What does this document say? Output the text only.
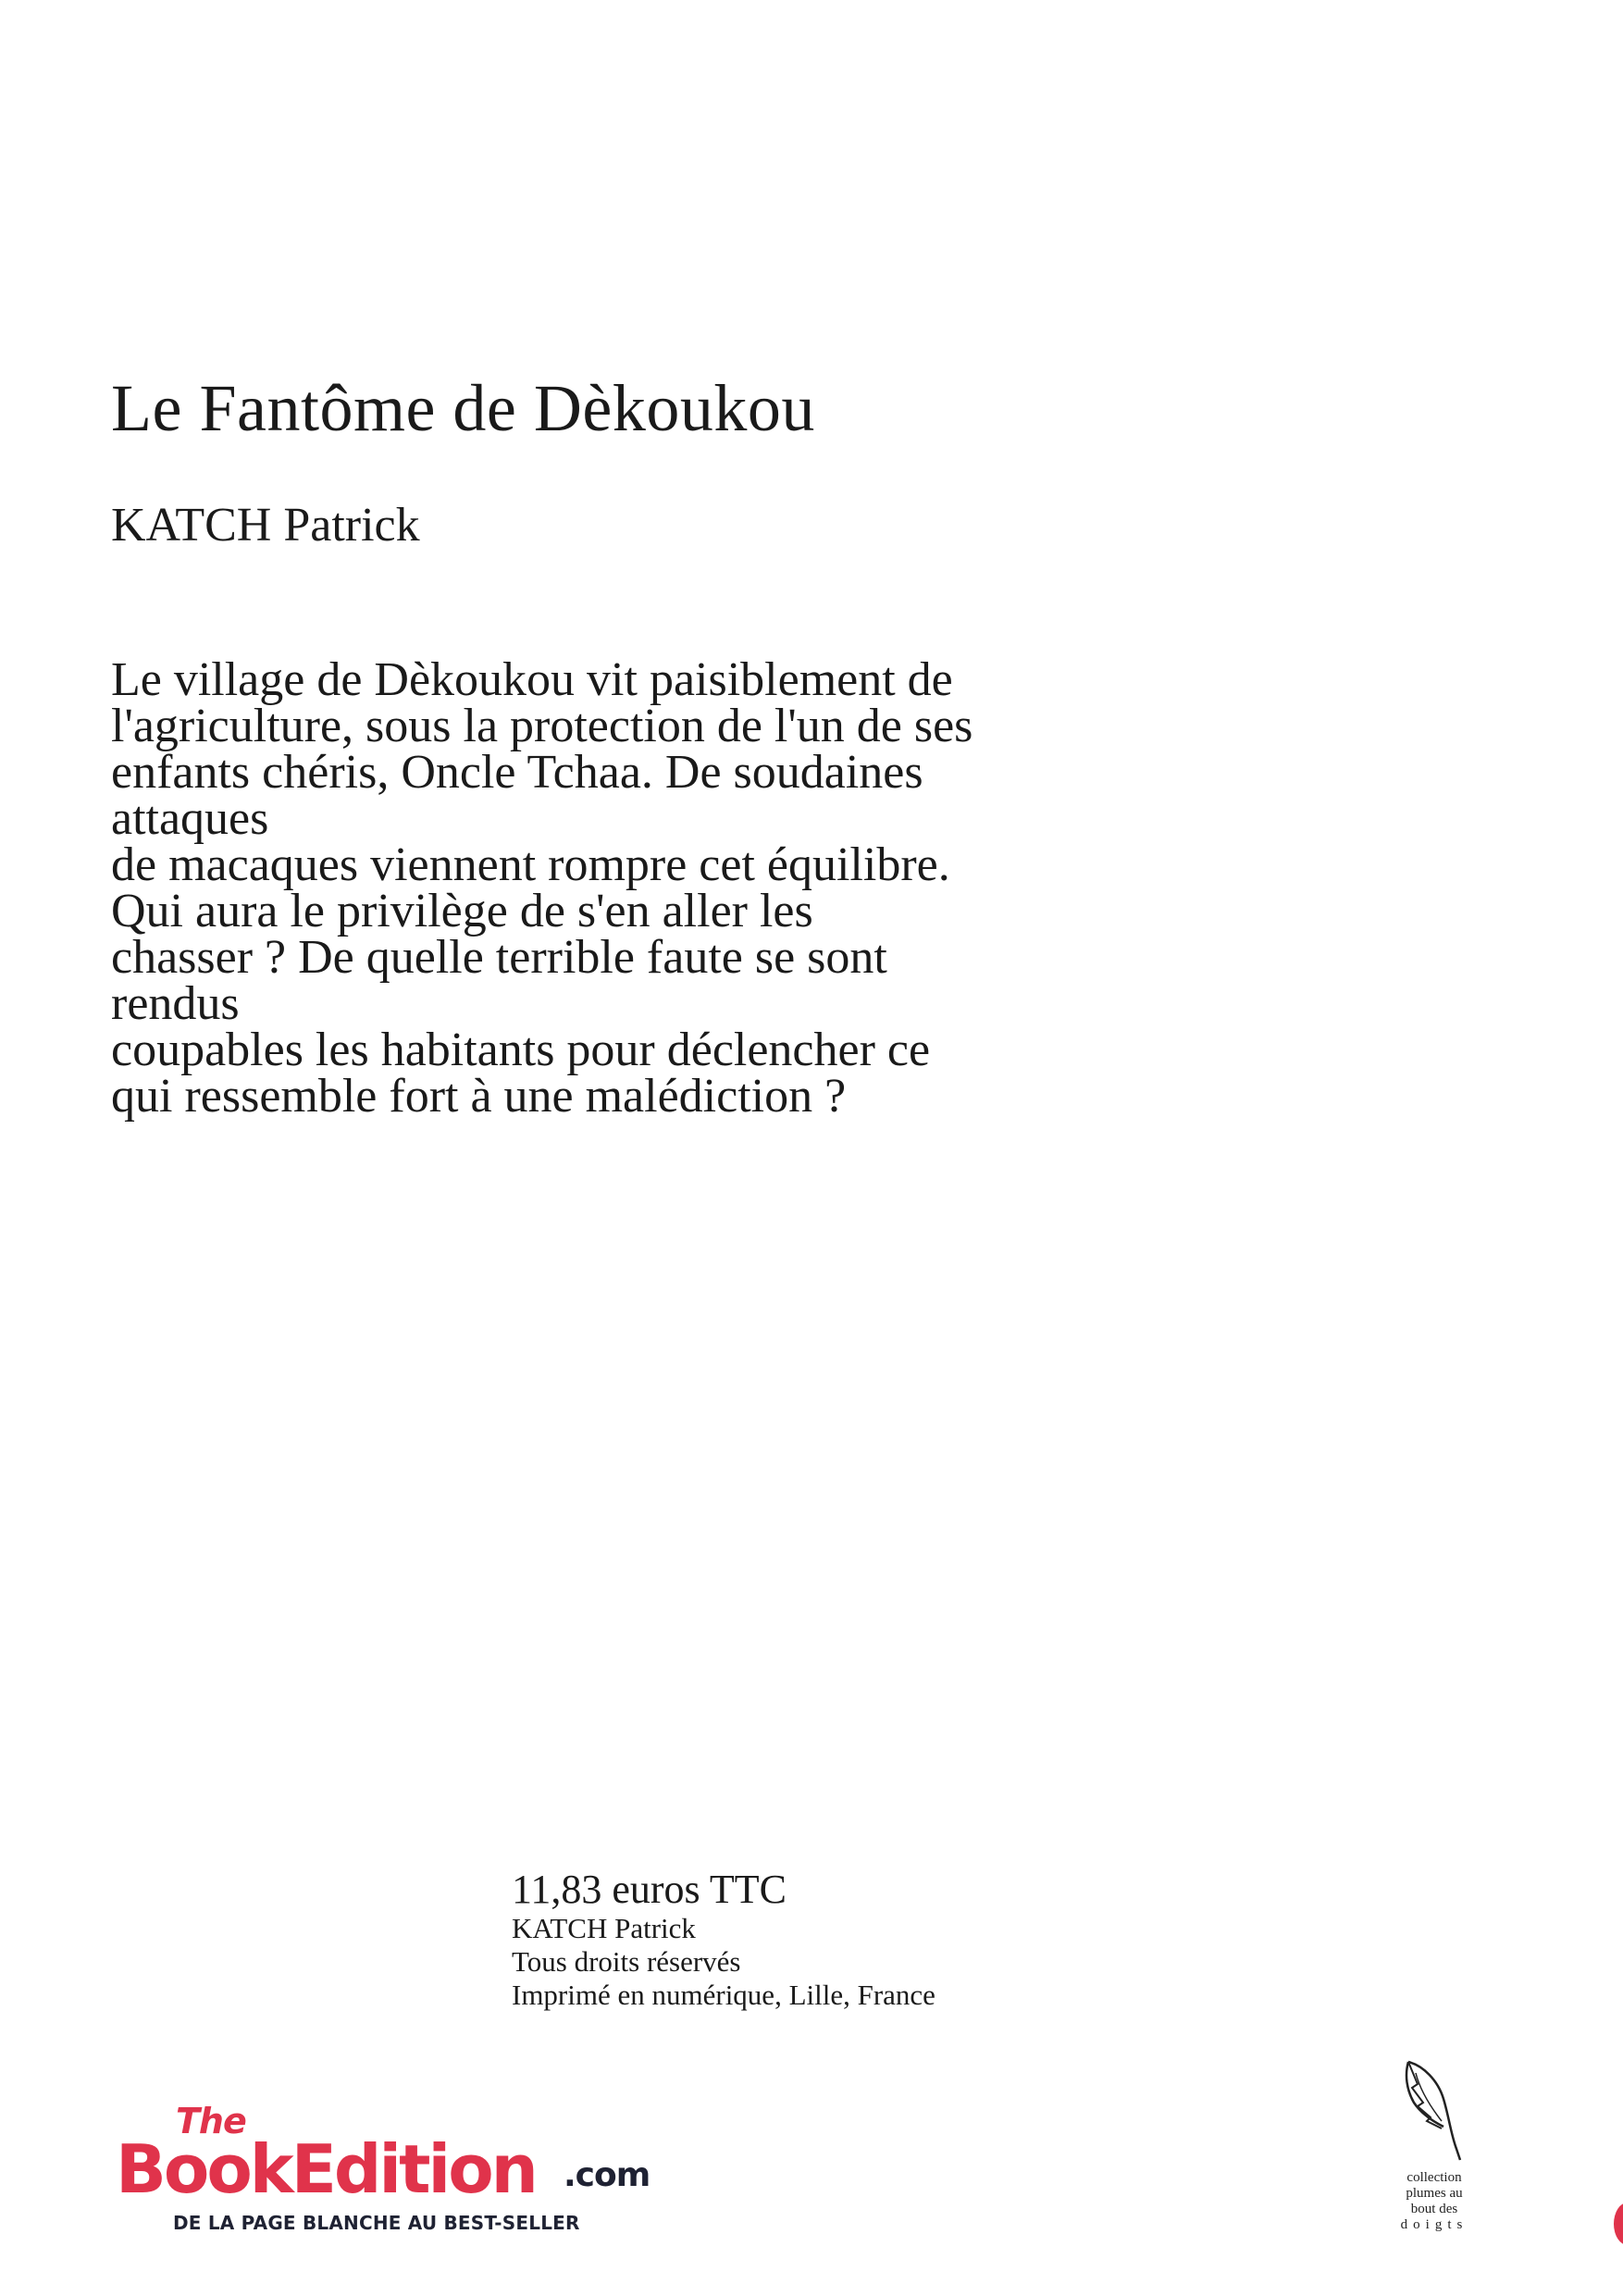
Le Fantôme de Dèkoukou
KATCH Patrick
Le village de Dèkoukou vit paisiblement de
l'agriculture, sous la protection de l'un de ses
enfants chéris, Oncle Tchaa. De soudaines
attaques
de macaques viennent rompre cet équilibre.
Qui aura le privilège de s'en aller les
chasser ? De quelle terrible faute se sont
rendus
coupables les habitants pour déclencher ce
qui ressemble fort à une malédiction ?
11,83 euros TTC
KATCH Patrick
Tous droits réservés
Imprimé en numérique, Lille, France
The
BookEdition .com
DE LA PAGE BLANCHE AU BEST-SELLER
collection
plumes au
bout des
doigts
